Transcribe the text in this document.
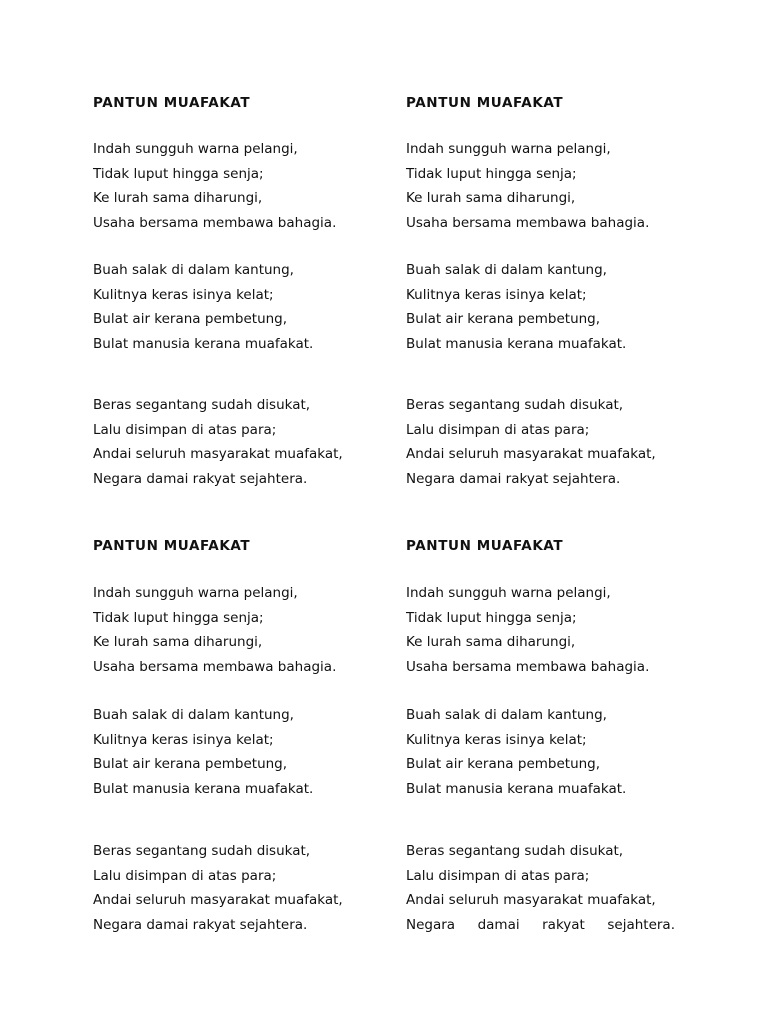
PANTUN MUAFAKAT
Indah sungguh warna pelangi,
Tidak luput hingga senja;
Ke lurah sama diharungi,
Usaha bersama membawa bahagia.
Buah salak di dalam kantung,
Kulitnya keras isinya kelat;
Bulat air kerana pembetung,
Bulat manusia kerana muafakat.
Beras segantang sudah disukat,
Lalu disimpan di atas para;
Andai seluruh masyarakat muafakat,
Negara damai rakyat sejahtera.
PANTUN MUAFAKAT
Indah sungguh warna pelangi,
Tidak luput hingga senja;
Ke lurah sama diharungi,
Usaha bersama membawa bahagia.
Buah salak di dalam kantung,
Kulitnya keras isinya kelat;
Bulat air kerana pembetung,
Bulat manusia kerana muafakat.
Beras segantang sudah disukat,
Lalu disimpan di atas para;
Andai seluruh masyarakat muafakat,
Negara damai rakyat sejahtera.
PANTUN MUAFAKAT
Indah sungguh warna pelangi,
Tidak luput hingga senja;
Ke lurah sama diharungi,
Usaha bersama membawa bahagia.
Buah salak di dalam kantung,
Kulitnya keras isinya kelat;
Bulat air kerana pembetung,
Bulat manusia kerana muafakat.
Beras segantang sudah disukat,
Lalu disimpan di atas para;
Andai seluruh masyarakat muafakat,
Negara damai rakyat sejahtera.
PANTUN MUAFAKAT
Indah sungguh warna pelangi,
Tidak luput hingga senja;
Ke lurah sama diharungi,
Usaha bersama membawa bahagia.
Buah salak di dalam kantung,
Kulitnya keras isinya kelat;
Bulat air kerana pembetung,
Bulat manusia kerana muafakat.
Beras segantang sudah disukat,
Lalu disimpan di atas para;
Andai seluruh masyarakat muafakat,
Negara damai rakyat sejahtera.
